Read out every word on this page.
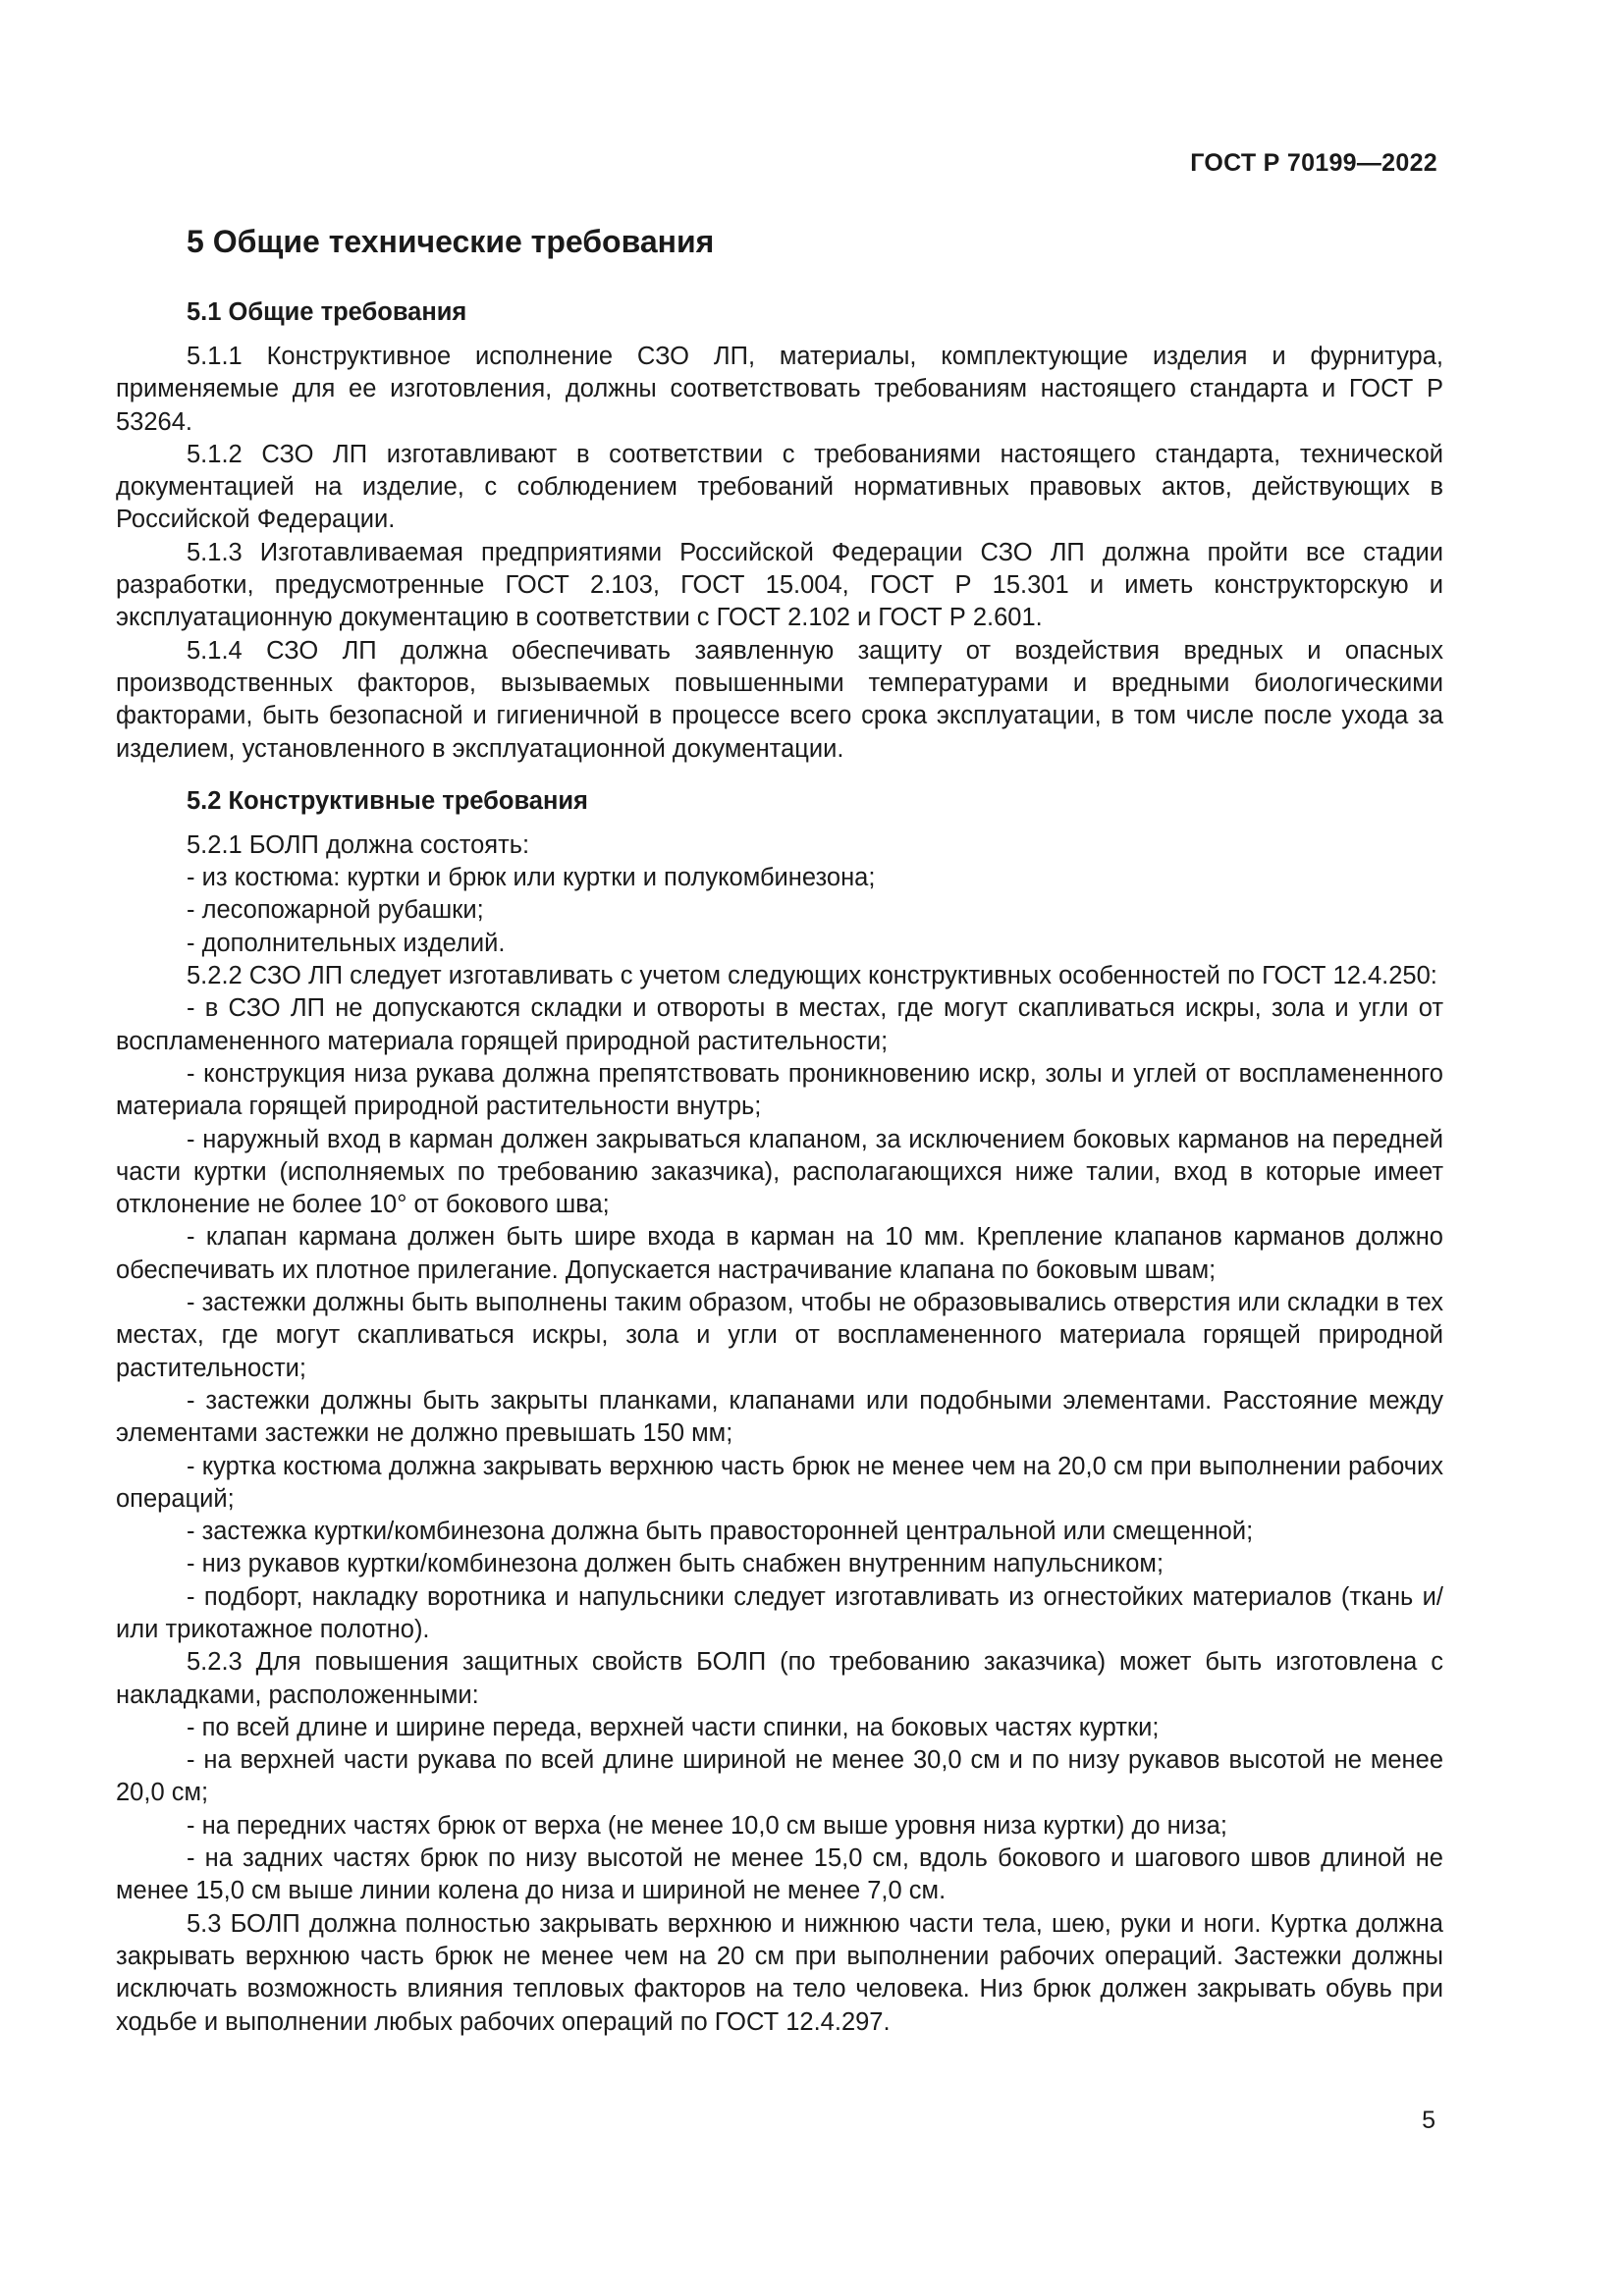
ГОСТ Р 70199—2022
5 Общие технические требования
5.1 Общие требования

5.1.1 Конструктивное исполнение СЗО ЛП, материалы, комплектующие изделия и фурнитура, применяемые для ее изготовления, должны соответствовать требованиям настоящего стандарта и ГОСТ Р 53264.

5.1.2 СЗО ЛП изготавливают в соответствии с требованиями настоящего стандарта, технической документацией на изделие, с соблюдением требований нормативных правовых актов, действующих в Российской Федерации.

5.1.3 Изготавливаемая предприятиями Российской Федерации СЗО ЛП должна пройти все стадии разработки, предусмотренные ГОСТ 2.103, ГОСТ 15.004, ГОСТ Р 15.301 и иметь конструкторскую и эксплуатационную документацию в соответствии с ГОСТ 2.102 и ГОСТ Р 2.601.

5.1.4 СЗО ЛП должна обеспечивать заявленную защиту от воздействия вредных и опасных производственных факторов, вызываемых повышенными температурами и вредными биологическими факторами, быть безопасной и гигиеничной в процессе всего срока эксплуатации, в том числе после ухода за изделием, установленного в эксплуатационной документации.

5.2 Конструктивные требования

5.2.1 БОЛП должна состоять:

- из костюма: куртки и брюк или куртки и полукомбинезона;

- лесопожарной рубашки;

- дополнительных изделий.

5.2.2 СЗО ЛП следует изготавливать с учетом следующих конструктивных особенностей по ГОСТ 12.4.250:

- в СЗО ЛП не допускаются складки и отвороты в местах, где могут скапливаться искры, зола и угли от воспламененного материала горящей природной растительности;

- конструкция низа рукава должна препятствовать проникновению искр, золы и углей от воспламененного материала горящей природной растительности внутрь;

- наружный вход в карман должен закрываться клапаном, за исключением боковых карманов на передней части куртки (исполняемых по требованию заказчика), располагающихся ниже талии, вход в которые имеет отклонение не более 10° от бокового шва;

- клапан кармана должен быть шире входа в карман на 10 мм. Крепление клапанов карманов должно обеспечивать их плотное прилегание. Допускается настрачивание клапана по боковым швам;

- застежки должны быть выполнены таким образом, чтобы не образовывались отверстия или складки в тех местах, где могут скапливаться искры, зола и угли от воспламененного материала горящей природной растительности;

- застежки должны быть закрыты планками, клапанами или подобными элементами. Расстояние между элементами застежки не должно превышать 150 мм;

- куртка костюма должна закрывать верхнюю часть брюк не менее чем на 20,0 см при выполнении рабочих операций;

- застежка куртки/комбинезона должна быть правосторонней центральной или смещенной;

- низ рукавов куртки/комбинезона должен быть снабжен внутренним напульсником;

- подборт, накладку воротника и напульсники следует изготавливать из огнестойких материалов (ткань и/или трикотажное полотно).

5.2.3 Для повышения защитных свойств БОЛП (по требованию заказчика) может быть изготовлена с накладками, расположенными:

- по всей длине и ширине переда, верхней части спинки, на боковых частях куртки;

- на верхней части рукава по всей длине шириной не менее 30,0 см и по низу рукавов высотой не менее 20,0 см;

- на передних частях брюк от верха (не менее 10,0 см выше уровня низа куртки) до низа;

- на задних частях брюк по низу высотой не менее 15,0 см, вдоль бокового и шагового швов длиной не менее 15,0 см выше линии колена до низа и шириной не менее 7,0 см.

5.3 БОЛП должна полностью закрывать верхнюю и нижнюю части тела, шею, руки и ноги. Куртка должна закрывать верхнюю часть брюк не менее чем на 20 см при выполнении рабочих операций. Застежки должны исключать возможность влияния тепловых факторов на тело человека. Низ брюк должен закрывать обувь при ходьбе и выполнении любых рабочих операций по ГОСТ 12.4.297.

5
